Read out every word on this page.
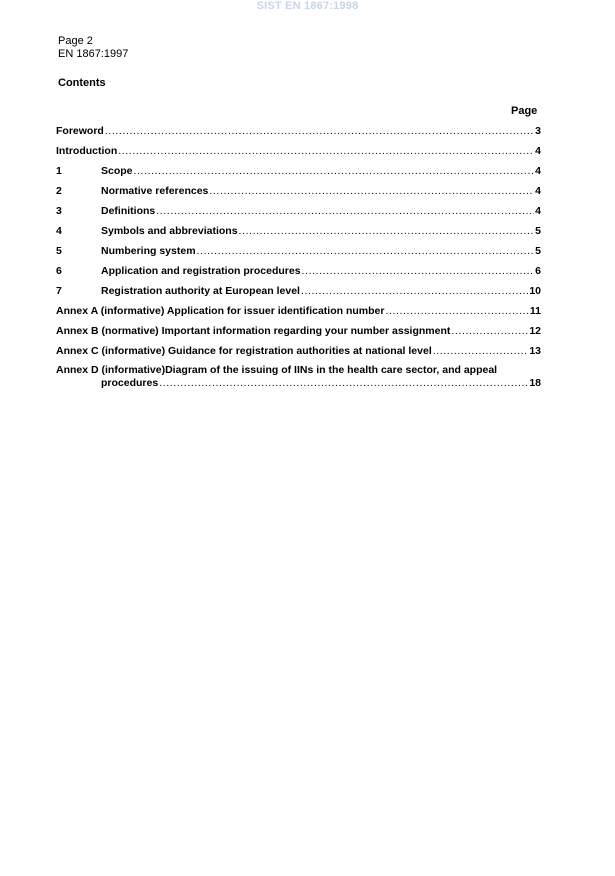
SIST EN 1867:1998
Page 2
EN 1867:1997
Contents
Page
Foreword .....	3
Introduction .....	4
1	Scope .....	4
2	Normative references .....	4
3	Definitions .....	4
4	Symbols and abbreviations .....	5
5	Numbering system .....	5
6	Application and registration procedures .....	6
7	Registration authority at European level .....	10
Annex A (informative) Application for issuer identification number .....	11
Annex B (normative) Important information regarding your number assignment .....	12
Annex C (informative) Guidance for registration authorities at national level .....	13
Annex D (informative)Diagram of the issuing of IINs in the health care sector, and appeal
procedures .....	18
